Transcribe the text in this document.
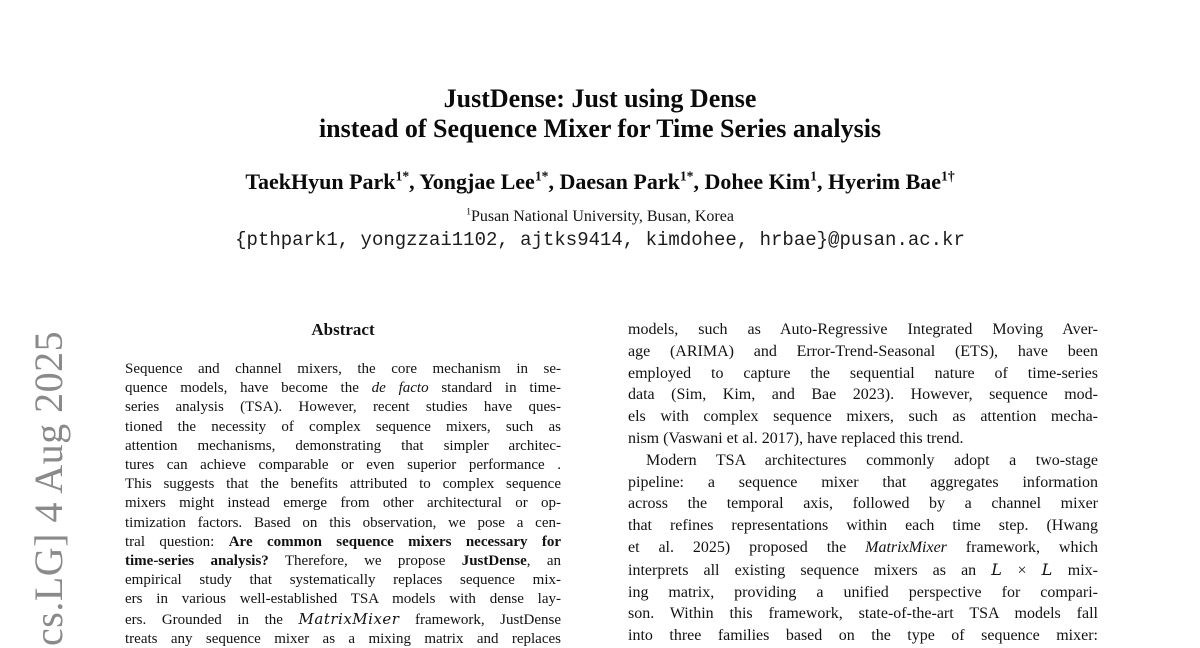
cs.LG] 4 Aug 2025
JustDense: Just using Dense
instead of Sequence Mixer for Time Series analysis
TaekHyun Park$^{1*}$, Yongjae Lee$^{1*}$, Daesan Park$^{1*}$, Dohee Kim$^1$, Hyerim Bae$^{1\dagger}$
$^1$Pusan National University, Busan, Korea
{pthpark1, yongzzai1102, ajtks9414, kimdohee, hrbae}@pusan.ac.kr
Abstract
Sequence and channel mixers, the core mechanism in se-
quence models, have become the de facto standard in time-
series analysis (TSA). However, recent studies have ques-
tioned the necessity of complex sequence mixers, such as
attention mechanisms, demonstrating that simpler architec-
tures can achieve comparable or even superior performance .
This suggests that the benefits attributed to complex sequence
mixers might instead emerge from other architectural or op-
timization factors. Based on this observation, we pose a cen-
tral question: Are common sequence mixers necessary for
time-series analysis? Therefore, we propose JustDense, an
empirical study that systematically replaces sequence mix-
ers in various well-established TSA models with dense lay-
ers. Grounded in the MatrixMixer framework, JustDense
treats any sequence mixer as a mixing matrix and replaces
models, such as Auto-Regressive Integrated Moving Aver-
age (ARIMA) and Error-Trend-Seasonal (ETS), have been
employed to capture the sequential nature of time-series
data (Sim, Kim, and Bae 2023). However, sequence mod-
els with complex sequence mixers, such as attention mecha-
nism (Vaswani et al. 2017), have replaced this trend.
Modern TSA architectures commonly adopt a two-stage
pipeline: a sequence mixer that aggregates information
across the temporal axis, followed by a channel mixer
that refines representations within each time step. (Hwang
et al. 2025) proposed the MatrixMixer framework, which
interprets all existing sequence mixers as an L × L mix-
ing matrix, providing a unified perspective for compari-
son. Within this framework, state-of-the-art TSA models fall
into three families based on the type of sequence mixer:
